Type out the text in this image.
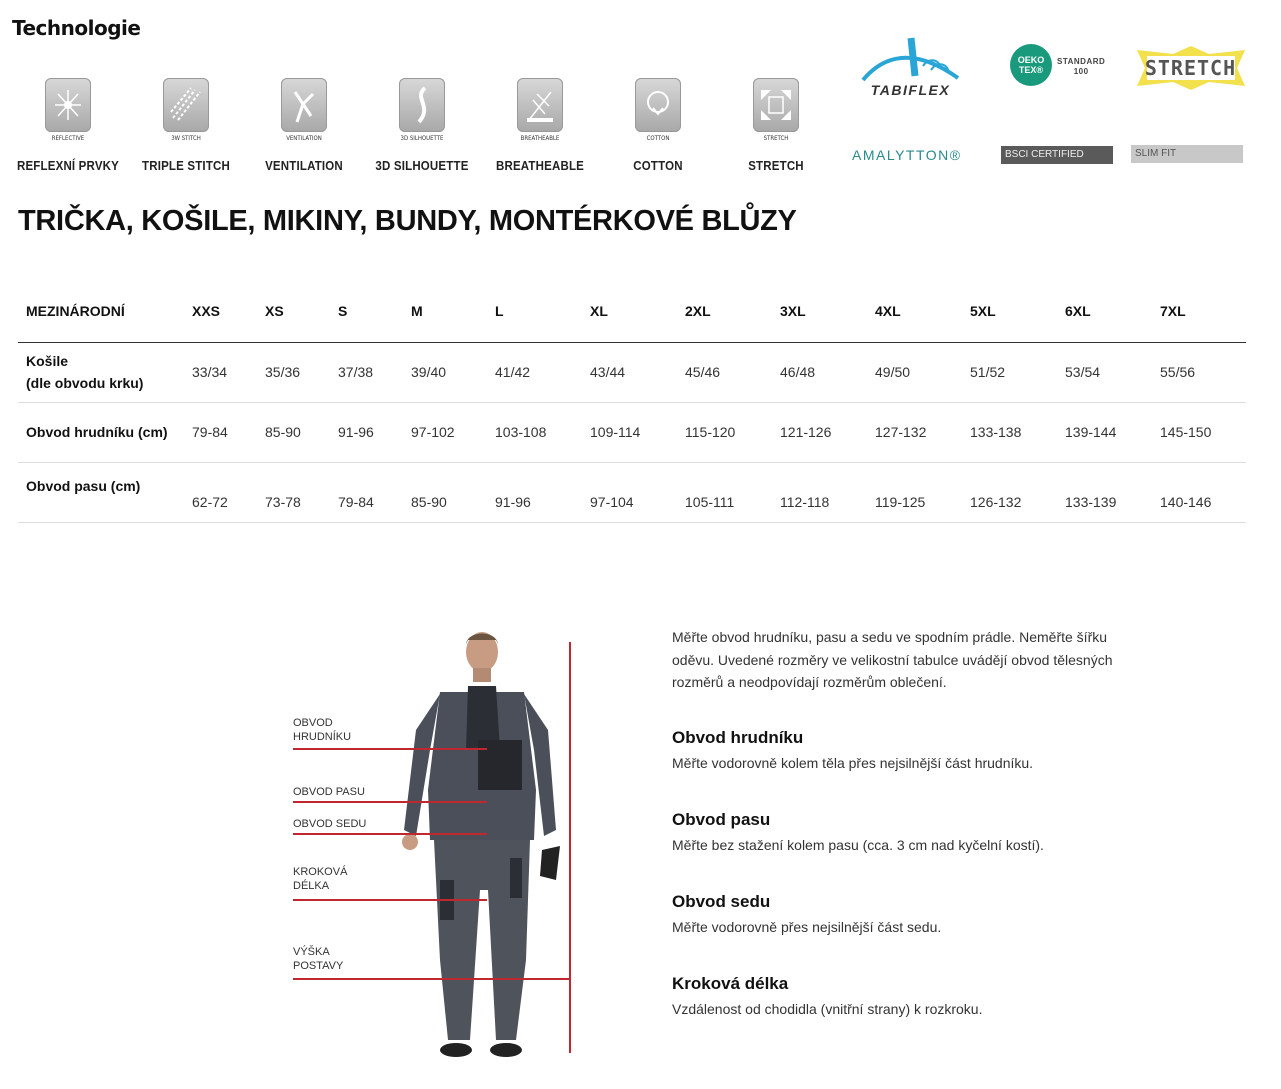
Technologie
REFLECTIVE
REFLEXNÍ PRVKY
3W STITCH
TRIPLE STITCH
VENTILATION
VENTILATION
3D SILHOUETTE
3D SILHOUETTE
BREATHEABLE
BREATHEABLE
COTTON
COTTON
STRETCH
STRETCH
TABIFLEX
OEKO
TEX®
STANDARD
100	STRETCH
AMALYTTON®	BSCI CERTIFIED	SLIM FIT
TRIČKA, KOŠILE, MIKINY, BUNDY, MONTÉRKOVÉ BLŮZY
MEZINÁRODNÍ	XXS	XS	S	M	L	XL	2XL	3XL	4XL	5XL	6XL	7XL
Košile
(dle obvodu krku)	33/34	35/36	37/38	39/40	41/42	43/44	45/46	46/48	49/50	51/52	53/54	55/56
Obvod hrudníku (cm)	79-84	85-90	91-96	97-102	103-108	109-114	115-120	121-126	127-132	133-138	139-144	145-150
Obvod pasu (cm)	62-72	73-78	79-84	85-90	91-96	97-104	105-111	112-118	119-125	126-132	133-139	140-146
OBVOD
HRUDNÍKU
OBVOD PASU
OBVOD SEDU
KROKOVÁ
DÉLKA
VÝŠKA
POSTAVY
Měřte obvod hrudníku, pasu a sedu ve spodním prádle. Neměřte šířku oděvu. Uvedené rozměry ve velikostní tabulce uvádějí obvod tělesných rozměrů a neodpovídají rozměrům oblečení.
Obvod hrudníku
Měřte vodorovně kolem těla přes nejsilnější část hrudníku.
Obvod pasu
Měřte bez stažení kolem pasu (cca. 3 cm nad kyčelní kostí).
Obvod sedu
Měřte vodorovně přes nejsilnější část sedu.
Kroková délka
Vzdálenost od chodidla (vnitřní strany) k rozkroku.
